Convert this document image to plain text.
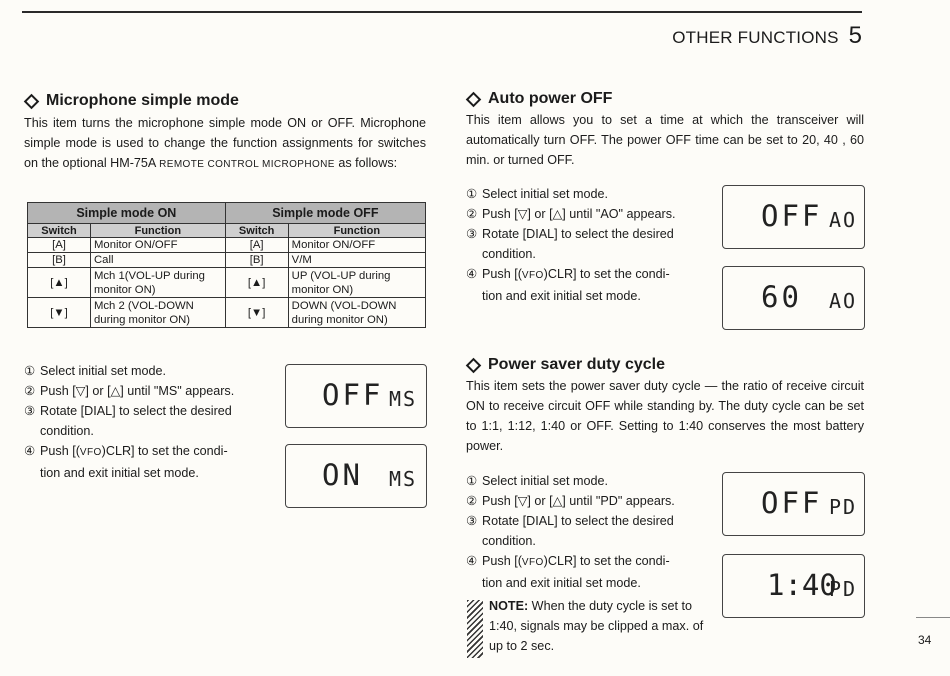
OTHER FUNCTIONS 5
Microphone simple mode
This item turns the microphone simple mode ON or OFF. Microphone simple mode is used to change the function assignments for switches on the optional HM-75A REMOTE CONTROL MICROPHONE as follows:
Simple mode ON		Simple mode OFF	
Switch	Function	Switch	Function
[A]	Monitor ON/OFF	[A]	Monitor ON/OFF
[B]	Call	[B]	V/M
[▲]	Mch 1(VOL-UP during monitor ON)	[▲]	UP (VOL-UP during monitor ON)
[▼]	Mch 2 (VOL-DOWN during monitor ON)	[▼]	DOWN (VOL-DOWN during monitor ON)
① Select initial set mode.
② Push [▽] or [△] until "MS" appears.
③ Rotate [DIAL] to select the desired
condition.
④ Push [(VFO)CLR] to set the condi-
tion and exit initial set mode.
OFF MS
ON MS
Auto power OFF
This item allows you to set a time at which the transceiver will automatically turn OFF. The power OFF time can be set to 20, 40 , 60 min. or turned OFF.
① Select initial set mode.
② Push [▽] or [△] until "AO" appears.
③ Rotate [DIAL] to select the desired
condition.
④ Push [(VFO)CLR] to set the condi-
tion and exit initial set mode.
OFF AO
60 AO
Power saver duty cycle
This item sets the power saver duty cycle — the ratio of receive circuit ON to receive circuit OFF while standing by. The duty cycle can be set to 1:1, 1:12, 1:40 or OFF. Setting to 1:40 conserves the most battery power.
① Select initial set mode.
② Push [▽] or [△] until "PD" appears.
③ Rotate [DIAL] to select the desired
condition.
④ Push [(VFO)CLR] to set the condi-
tion and exit initial set mode.
OFF PD
1:40
PD
NOTE: When the duty cycle is set to 1:40, signals may be clipped a max. of up to 2 sec.	34
